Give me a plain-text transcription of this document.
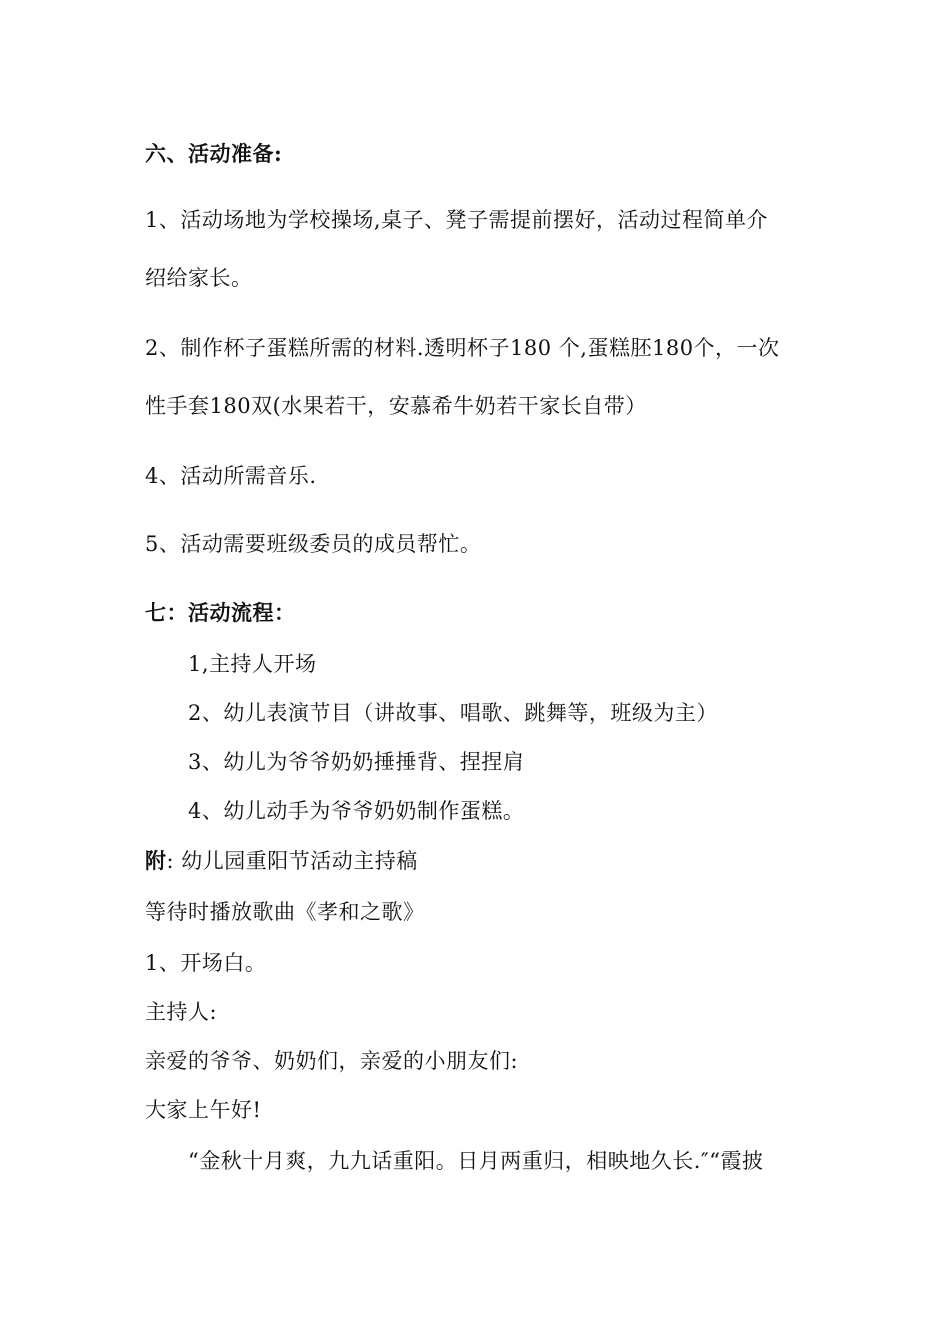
六、活动准备:
1、活动场地为学校操场,桌子、凳子需提前摆好，活动过程简单介
绍给家长。
2、制作杯子蛋糕所需的材料.透明杯子180 个,蛋糕胚180个，一次
性手套180双(水果若干，安慕希牛奶若干家长自带）
4、活动所需音乐.
5、活动需要班级委员的成员帮忙。
七：活动流程：
1,主持人开场
2、幼儿表演节目（讲故事、唱歌、跳舞等，班级为主）
3、幼儿为爷爷奶奶捶捶背、捏捏肩
4、幼儿动手为爷爷奶奶制作蛋糕。
附: 幼儿园重阳节活动主持稿
等待时播放歌曲《孝和之歌》
1、开场白。
主持人:
亲爱的爷爷、奶奶们，亲爱的小朋友们:
大家上午好!
“金秋十月爽，九九话重阳。日月两重归，相映地久长.″“霞披
